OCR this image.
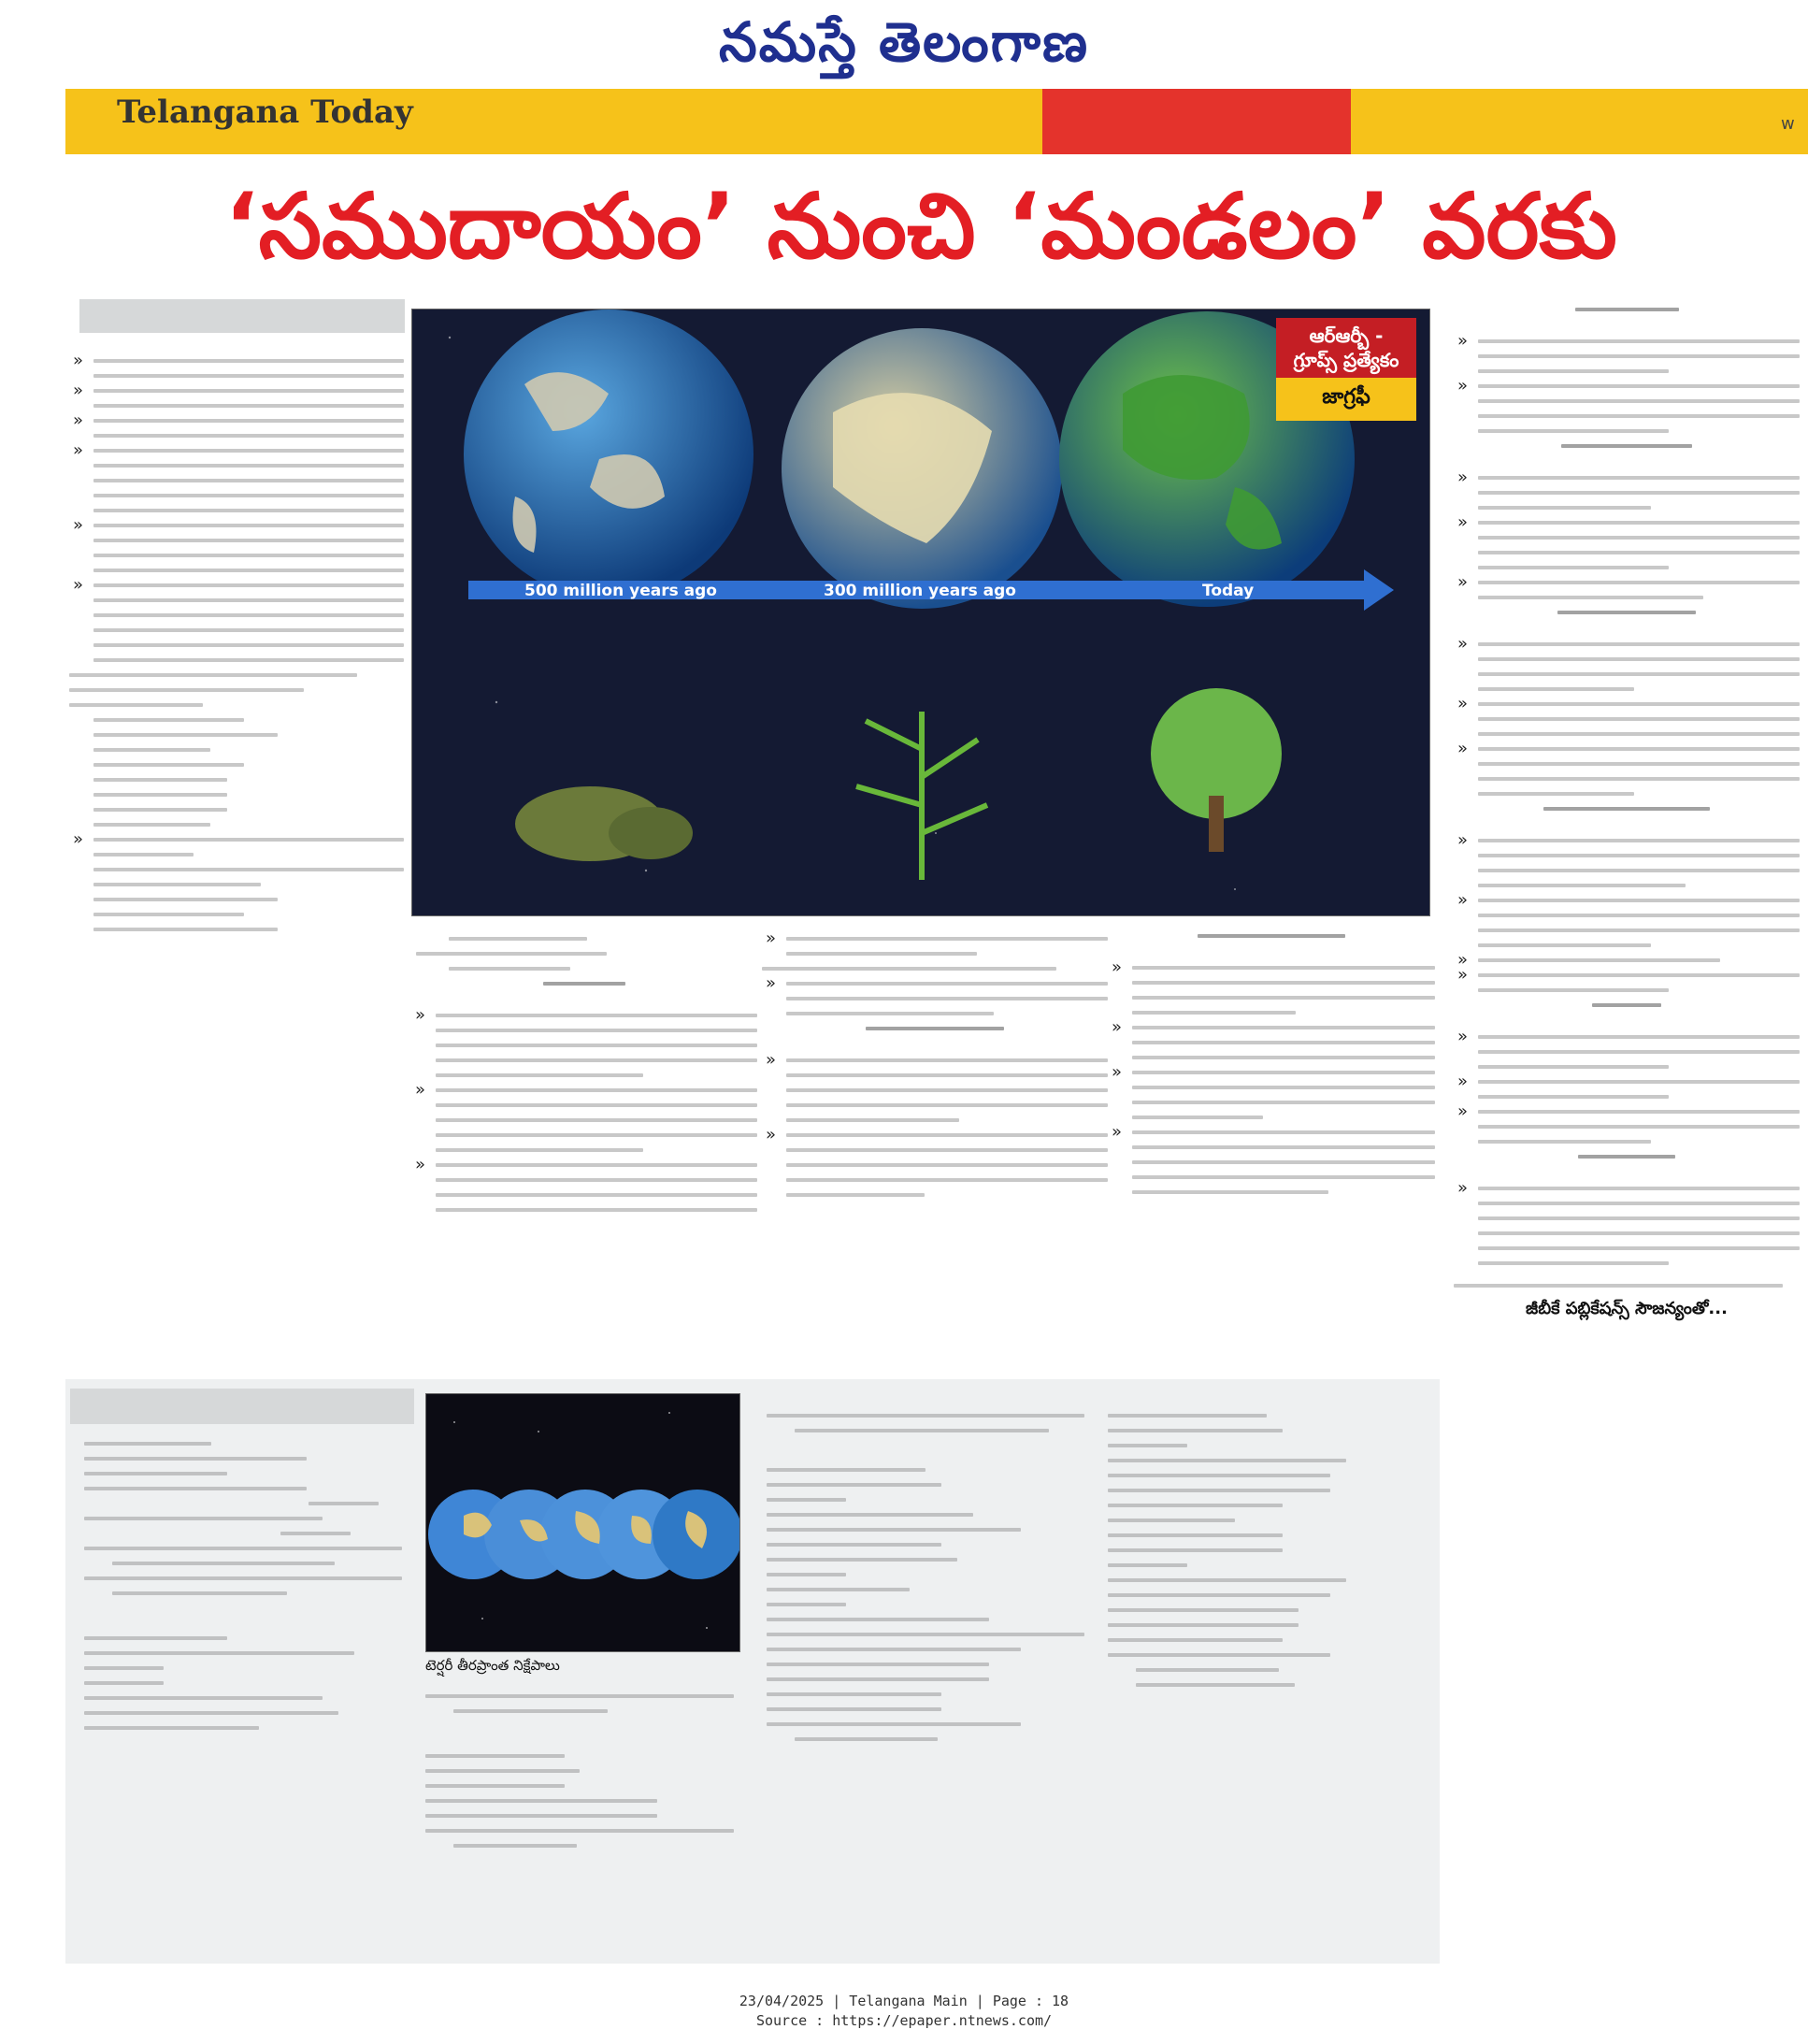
నమస్తే తెలంగాణ
Telangana Today	w
‘సముదాయం’ నుంచి ‘మండలం’ వరకు
»
»
»
»
»
»
»
500 million years ago	300 million years ago	Today
ఆర్ఆర్బీ -
గ్రూప్స్ ప్రత్యేకం
జాగ్రఫీ
»
»
»
»
»
»
»
»
»
»
»
»
»
»
»
»
»
»
»
»
»
»
»
»
»
»
»
జీబీకే పబ్లికేషన్స్ సౌజన్యంతో...
టెర్షరీ తీరప్రాంత నిక్షేపాలు
23/04/2025 | Telangana Main | Page : 18
Source : https://epaper.ntnews.com/
